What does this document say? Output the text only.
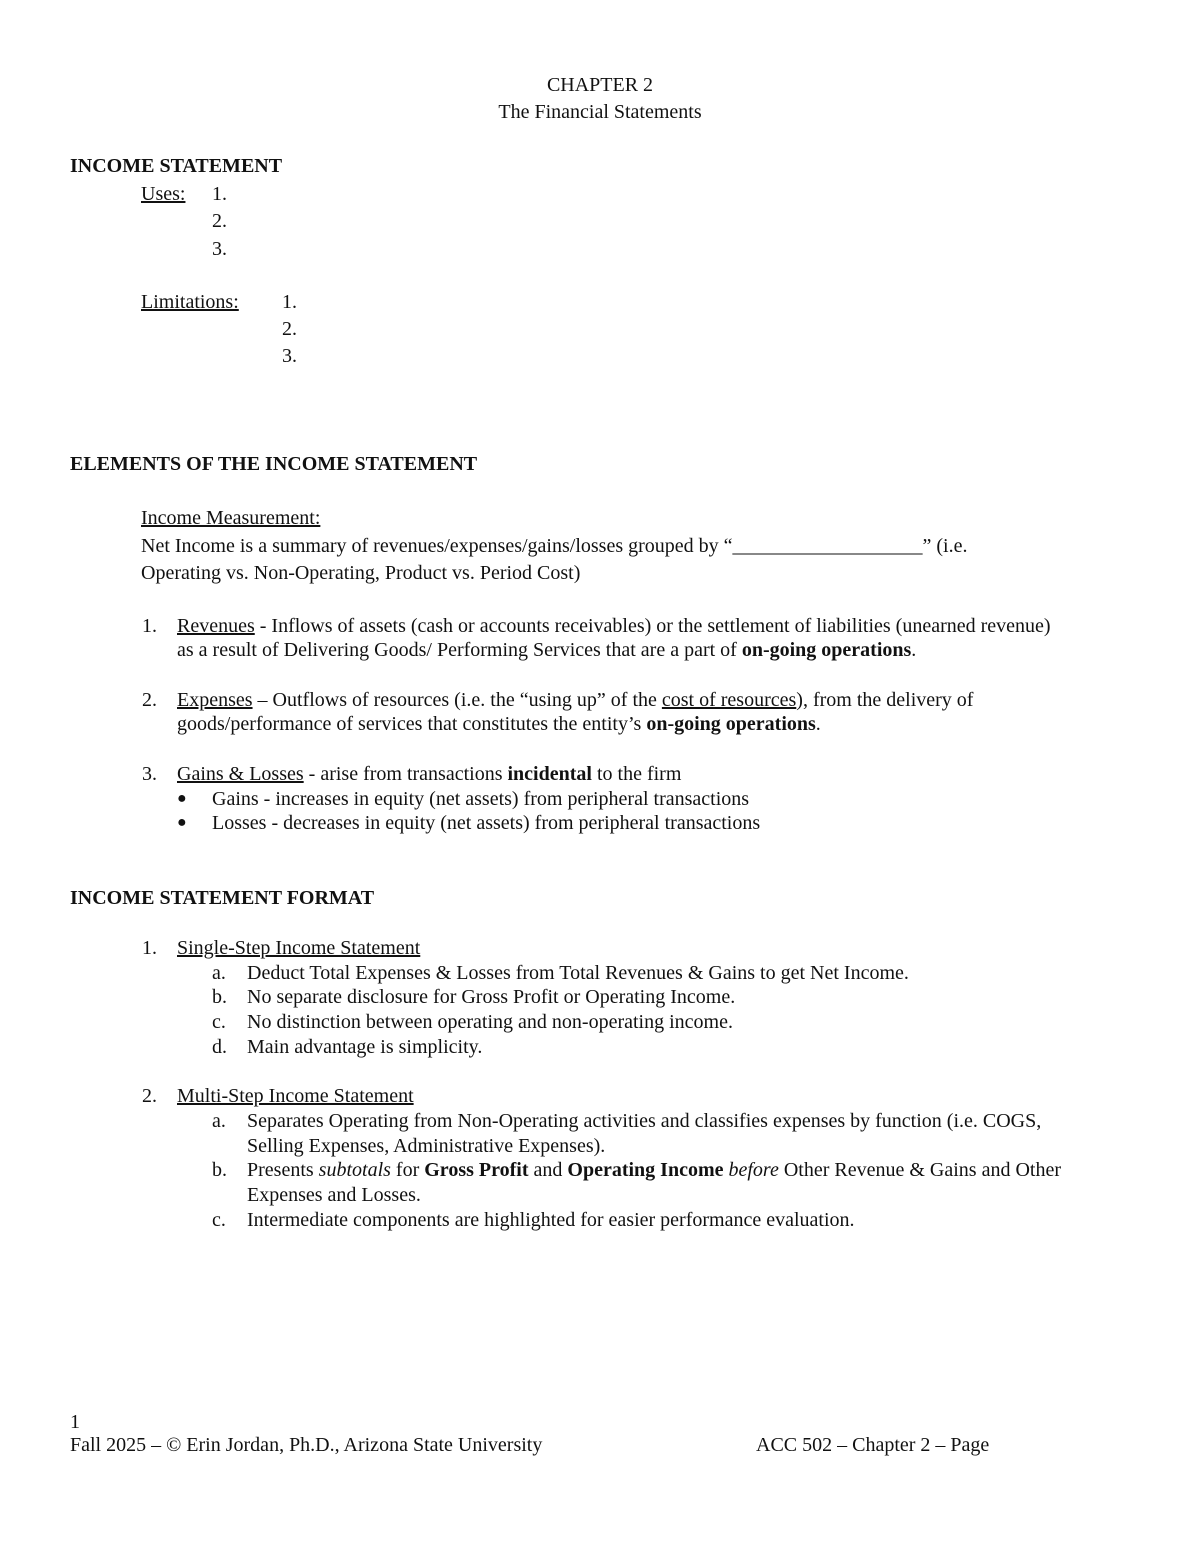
CHAPTER 2
The Financial Statements
INCOME STATEMENT
Uses: 1.
2.
3.
Limitations: 1.
2.
3.
ELEMENTS OF THE INCOME STATEMENT
Income Measurement:
Net Income is a summary of revenues/expenses/gains/losses grouped by “___________________” (i.e.
Operating vs. Non-Operating, Product vs. Period Cost)
1. Revenues - Inflows of assets (cash or accounts receivables) or the settlement of liabilities (unearned revenue)
as a result of Delivering Goods/ Performing Services that are a part of on-going operations.
2. Expenses – Outflows of resources (i.e. the “using up” of the cost of resources), from the delivery of
goods/performance of services that constitutes the entity’s on-going operations.
3. Gains & Losses - arise from transactions incidental to the firm
● Gains - increases in equity (net assets) from peripheral transactions
● Losses - decreases in equity (net assets) from peripheral transactions
INCOME STATEMENT FORMAT
1. Single-Step Income Statement
a. Deduct Total Expenses & Losses from Total Revenues & Gains to get Net Income.
b. No separate disclosure for Gross Profit or Operating Income.
c. No distinction between operating and non-operating income.
d. Main advantage is simplicity.
2. Multi-Step Income Statement
a. Separates Operating from Non-Operating activities and classifies expenses by function (i.e. COGS,
Selling Expenses, Administrative Expenses).
b. Presents subtotals for Gross Profit and Operating Income before Other Revenue & Gains and Other
Expenses and Losses.
c. Intermediate components are highlighted for easier performance evaluation.
1
Fall 2025 – © Erin Jordan, Ph.D., Arizona State University	ACC 502 – Chapter 2 – Page
